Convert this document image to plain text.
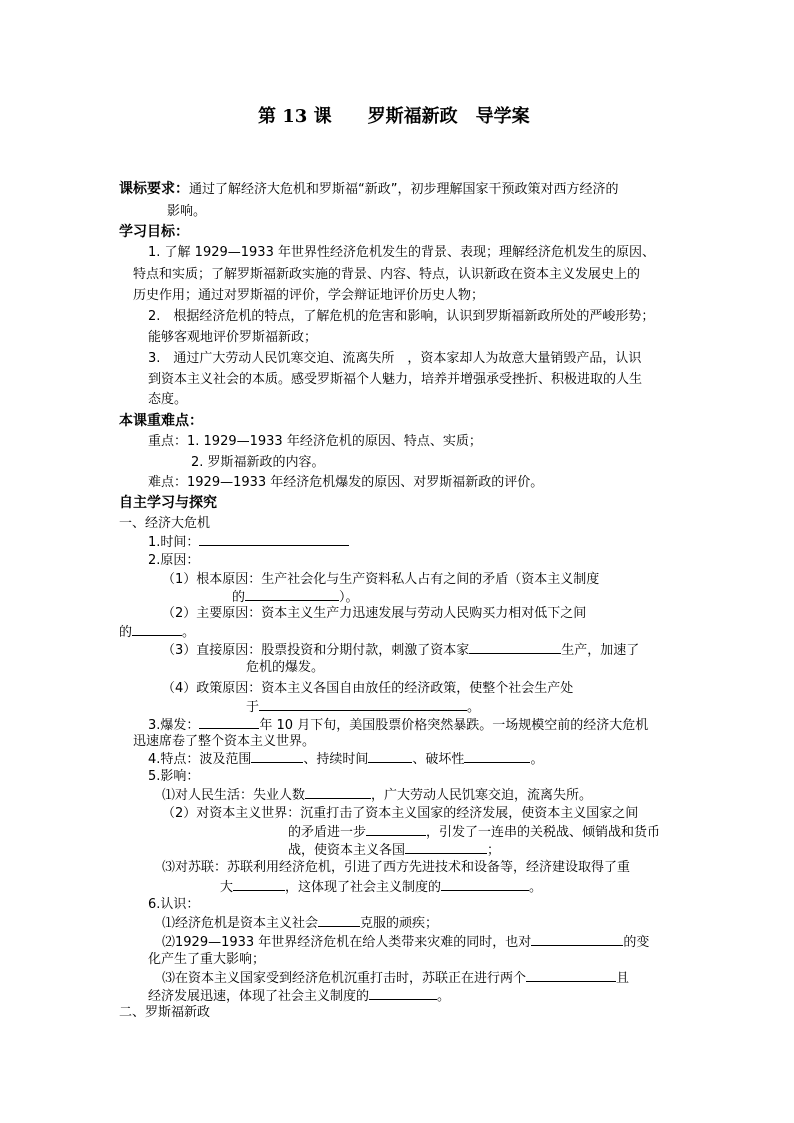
第 13 课　　罗斯福新政　导学案
课标要求：通过了解经济大危机和罗斯福“新政”，初步理解国家干预政策对西方经济的
影响。
学习目标：
1. 了解 1929—1933 年世界性经济危机发生的背景、表现；理解经济危机发生的原因、
特点和实质；了解罗斯福新政实施的背景、内容、特点，认识新政在资本主义发展史上的
历史作用；通过对罗斯福的评价，学会辩证地评价历史人物；
2.　根据经济危机的特点，了解危机的危害和影响，认识到罗斯福新政所处的严峻形势；
能够客观地评价罗斯福新政；
3.　通过广大劳动人民饥寒交迫、流离失所　，资本家却人为故意大量销毁产品，认识
到资本主义社会的本质。感受罗斯福个人魅力，培养并增强承受挫折、积极进取的人生
态度。
本课重难点：
重点：1. 1929—1933 年经济危机的原因、特点、实质；
2. 罗斯福新政的内容。
难点：1929—1933 年经济危机爆发的原因、对罗斯福新政的评价。
自主学习与探究
一、经济大危机
1.时间：
2.原因：
（1）根本原因：生产社会化与生产资料私人占有之间的矛盾（资本主义制度
的	）。
（2）主要原因：资本主义生产力迅速发展与劳动人民购买力相对低下之间
的	。
（3）直接原因：股票投资和分期付款，刺激了资本家	生产，加速了
危机的爆发。
（4）政策原因：资本主义各国自由放任的经济政策，使整个社会生产处
于	。
3.爆发：	年 10 月下旬，美国股票价格突然暴跌。一场规模空前的经济大危机
迅速席卷了整个资本主义世界。
4.特点：波及范围	、持续时间	、破坏性	。
5.影响：
⑴对人民生活：失业人数	，广大劳动人民饥寒交迫，流离失所。
（2）对资本主义世界：沉重打击了资本主义国家的经济发展，使资本主义国家之间
的矛盾进一步	，引发了一连串的关税战、倾销战和货币
战，使资本主义各国	；
⑶对苏联：苏联利用经济危机，引进了西方先进技术和设备等，经济建设取得了重
大	，这体现了社会主义制度的	。
6.认识：
⑴经济危机是资本主义社会	克服的顽疾；
⑵1929—1933 年世界经济危机在给人类带来灾难的同时，也对	的变
化产生了重大影响；
⑶在资本主义国家受到经济危机沉重打击时，苏联正在进行两个	且
经济发展迅速，体现了社会主义制度的	。
二、罗斯福新政
